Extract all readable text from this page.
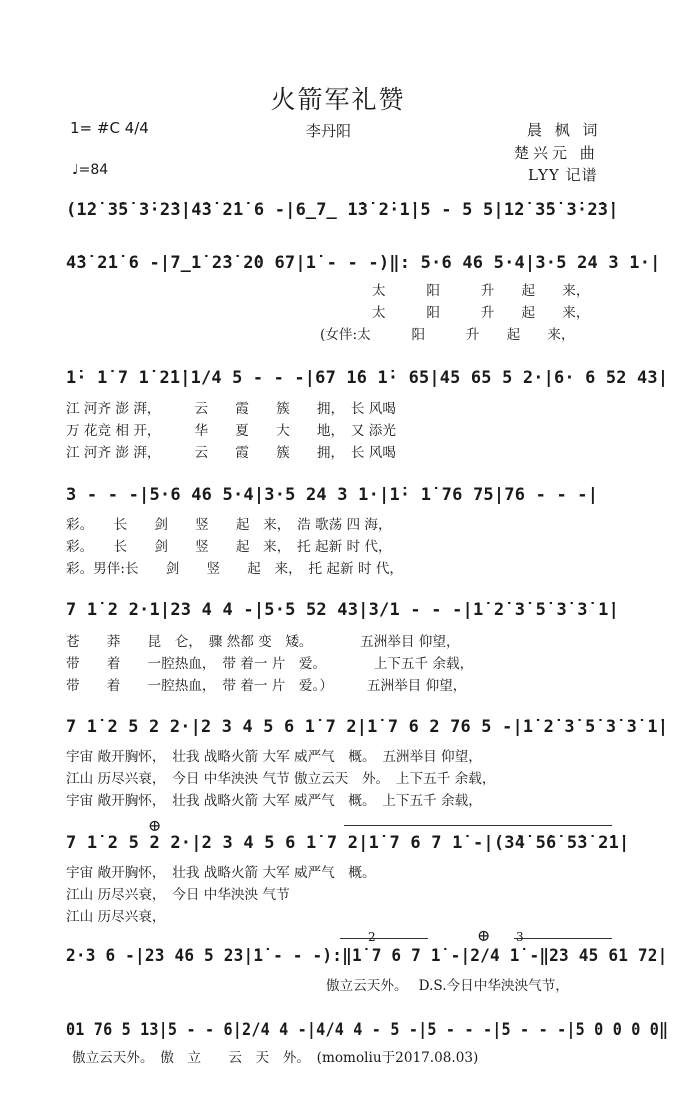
火箭军礼赞
1= #C 4/4	李丹阳	晨 枫 词
楚兴元 曲
♩=84	LYY 记谱
(1̇2̇ 3̇5̇ 3̇·2̇3̇|4̇3̇ 2̇1̇ 6 -|6̲7̲ 1̇3̇ 2̇·1̇|5 - 5 5|1̇2̇ 3̇5̇ 3̇·2̇3̇|
4̇3̇ 2̇1̇ 6 -|7̲1̇ 2̇3̇ 2̇0 67|1̇ - - -)‖: 5·6 46 5·4|3·5 24 3 1·|
太　　　阳　　　升　　起　　来，
太　　　阳　　　升　　起　　来，
(女伴:太　　　阳　　　升　　起　　来，
1̇· 1̇ 7 1̇ 2̇1̇|1/4 5 - - -|67 1̇6 1̇· 65|45 65 5 2·|6· 6 52 43|
江 河齐 澎 湃，　　　云　　霞　　簇　　拥，　长 风喝
万 花竞 相 开，　　　华　　夏　　大　　地，　又 添光
江 河齐 澎 湃，　　　云　　霞　　簇　　拥，　长 风喝
3 - - -|5·6 46 5·4|3·5 24 3 1·|1̇· 1̇ 76 75|76 - - -|
彩。　　长　　剑　　竖　　起　来，　浩 歌荡 四 海，
彩。　　长　　剑　　竖　　起　来，　托 起新 时 代，
彩。男伴:长　　剑　　竖　　起　来，　托 起新 时 代，
7 1̇ 2 2·1|23 4 4 -|5·5 52 43|3/1 - - -|1̇ 2̇ 3̇ 5̇ 3̇ 3̇ 1̇|
苍　　莽　　昆　仑，　骤 然都 变　矮。　　　　五洲举目 仰望，
带　　着　　一腔热血，　带 着一 片　爱。　　　　上下五千 余载，
带　　着　　一腔热血，　带 着一 片　爱。）　　　五洲举目 仰望，
7 1̇ 2 5 2 2·|2 3 4 5 6 1̇ 7 2|1̇ 7 6 2 76 5 -|1̇ 2̇ 3̇ 5̇ 3̇ 3̇ 1̇|
宇宙 敞开胸怀，　壮我 战略火箭 大军 威严气　概。　五洲举目 仰望，
江山 历尽兴衰，　今日 中华泱泱 气节 傲立云天　外。　上下五千 余载，
宇宙 敞开胸怀，　壮我 战略火箭 大军 威严气　概。　上下五千 余载，
⊕
7 1̇ 2 5 2 2·|2 3 4 5 6 1̇ 7 2|1̇ 7 6 7 1̇ -|(3̇4̇ 5̇6̇ 5̇3̇ 2̇1̇|
宇宙 敞开胸怀，　壮我 战略火箭 大军 威严气　概。
江山 历尽兴衰，　今日 中华泱泱 气节
江山 历尽兴衰，
2	⊕ 3
2·3 6 -|23 46 5 23|1̇ - - -):‖1̇ 7 6 7 1̇ -|2/4 1̇ -‖23 45 61 72|
傲立云天外。　 D.S.今日中华泱泱气节，
01 76 5 13|5 - - 6|2/4 4 -|4/4 4 - 5 -|5 - - -|5 - - -|5 0 0 0 0‖
傲立云天外。　傲　立　　云　天　外。　(momoliu于2017.08.03)
